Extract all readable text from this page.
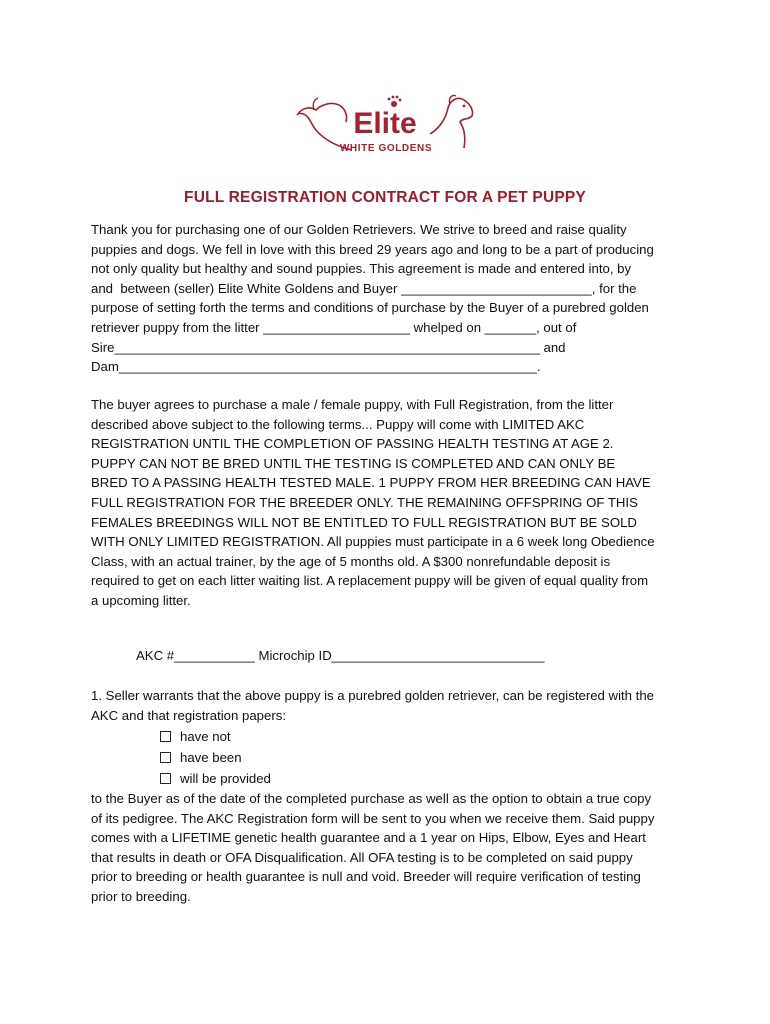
Elite
WHITE GOLDENS
FULL REGISTRATION CONTRACT FOR A PET PUPPY
Thank you for purchasing one of our Golden Retrievers. We strive to breed and raise quality
puppies and dogs. We fell in love with this breed 29 years ago and long to be a part of producing
not only quality but healthy and sound puppies. This agreement is made and entered into, by
and  between (seller) Elite White Goldens and Buyer __________________________, for the
purpose of setting forth the terms and conditions of purchase by the Buyer of a purebred golden
retriever puppy from the litter ____________________ whelped on _______, out of
Sire__________________________________________________________ and
Dam_________________________________________________________.
The buyer agrees to purchase a male / female puppy, with Full Registration, from the litter
described above subject to the following terms... Puppy will come with LIMITED AKC
REGISTRATION UNTIL THE COMPLETION OF PASSING HEALTH TESTING AT AGE 2.
PUPPY CAN NOT BE BRED UNTIL THE TESTING IS COMPLETED AND CAN ONLY BE
BRED TO A PASSING HEALTH TESTED MALE. 1 PUPPY FROM HER BREEDING CAN HAVE
FULL REGISTRATION FOR THE BREEDER ONLY. THE REMAINING OFFSPRING OF THIS
FEMALES BREEDINGS WILL NOT BE ENTITLED TO FULL REGISTRATION BUT BE SOLD
WITH ONLY LIMITED REGISTRATION. All puppies must participate in a 6 week long Obedience
Class, with an actual trainer, by the age of 5 months old. A $300 nonrefundable deposit is
required to get on each litter waiting list. A replacement puppy will be given of equal quality from
a upcoming litter.
AKC #___________ Microchip ID_____________________________
1. Seller warrants that the above puppy is a purebred golden retriever, can be registered with the
AKC and that registration papers:
have not
have been
will be provided
to the Buyer as of the date of the completed purchase as well as the option to obtain a true copy
of its pedigree. The AKC Registration form will be sent to you when we receive them. Said puppy
comes with a LIFETIME genetic health guarantee and a 1 year on Hips, Elbow, Eyes and Heart
that results in death or OFA Disqualification. All OFA testing is to be completed on said puppy
prior to breeding or health guarantee is null and void. Breeder will require verification of testing
prior to breeding.
